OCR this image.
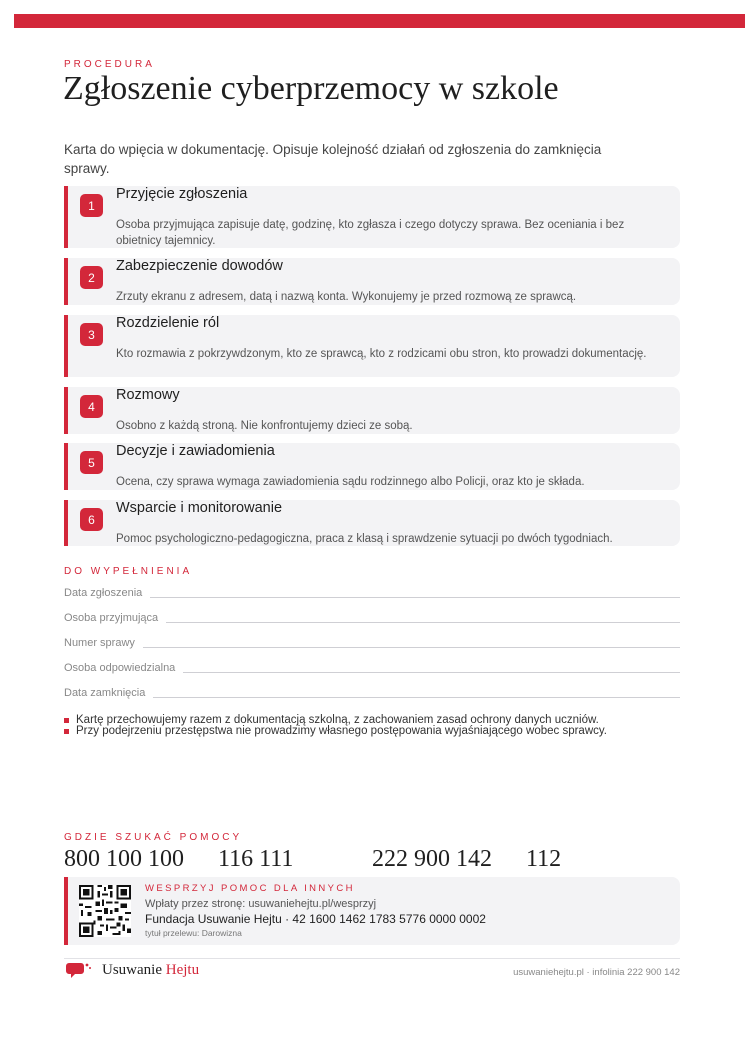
PROCEDURA
Zgłoszenie cyberprzemocy w szkole

Karta do wpięcia w dokumentację. Opisuje kolejność działań od zgłoszenia do zamknięcia sprawy.

1
Przyjęcie zgłoszenia
Osoba przyjmująca zapisuje datę, godzinę, kto zgłasza i czego dotyczy sprawa. Bez oceniania i bez obietnicy tajemnicy.
2
Zabezpieczenie dowodów
Zrzuty ekranu z adresem, datą i nazwą konta. Wykonujemy je przed rozmową ze sprawcą.
3
Rozdzielenie ról
Kto rozmawia z pokrzywdzonym, kto ze sprawcą, kto z rodzicami obu stron, kto prowadzi dokumentację.
4
Rozmowy
Osobno z każdą stroną. Nie konfrontujemy dzieci ze sobą.
5
Decyzje i zawiadomienia
Ocena, czy sprawa wymaga zawiadomienia sądu rodzinnego albo Policji, oraz kto je składa.
6
Wsparcie i monitorowanie
Pomoc psychologiczno-pedagogiczna, praca z klasą i sprawdzenie sytuacji po dwóch tygodniach.
DO WYPEŁNIENIA
Data zgłoszenia
Osoba przyjmująca
Numer sprawy
Osoba odpowiedzialna
Data zamknięcia
Kartę przechowujemy razem z dokumentacją szkolną, z zachowaniem zasad ochrony danych uczniów.
Przy podejrzeniu przestępstwa nie prowadzimy własnego postępowania wyjaśniającego wobec sprawcy.
GDZIE SZUKAĆ POMOCY
800 100 100 116 111	222 900 142 112
WESPRZYJ POMOC DLA INNYCH
Wpłaty przez stronę: usuwaniehejtu.pl/wesprzyj
Fundacja Usuwanie Hejtu · 42 1600 1462 1783 5776 0000 0002
tytuł przelewu: Darowizna
Usuwanie Hejtu	usuwaniehejtu.pl · infolinia 222 900 142
